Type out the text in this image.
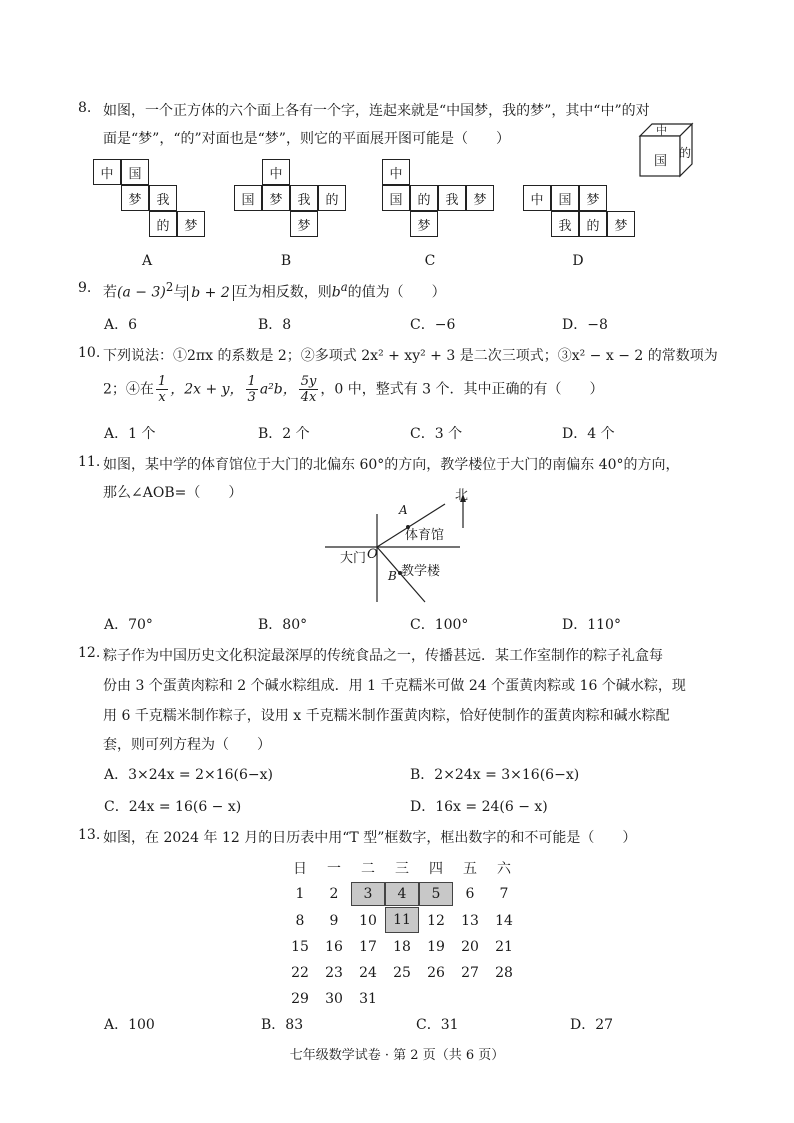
8. 如图，一个正方体的六个面上各有一个字，连起来就是“中国梦，我的梦”，其中“中”的对
面是“梦”，“的”对面也是“梦”，则它的平面展开图可能是（　　）
中
国
的
中	国
梦	我
的	梦
A
中
国	梦	我	的
梦
B
中
国	的	我	梦
梦
C
中	国	梦
我	的	梦
D
9. 若$(a - 3)^2$与 b + 2 互为相反数，则$b^a$的值为（　　）
A．6	B．8	C．−6	D．−8
10. 下列说法：①2πx 的系数是 2；②多项式 2x² + xy² + 3 是二次三项式；③x² − x − 2 的常数项为
2；④在 $\frac{1}{x}$ ，2x + y， $\frac{1}{3} a^2b$， $\frac{5y}{4x}$ ，0 中，整式有 3 个．其中正确的有（　　）
A．1 个	B．2 个	C．3 个	D．4 个
11. 如图，某中学的体育馆位于大门的北偏东 60°的方向，教学楼位于大门的南偏东 40°的方向，
那么∠AOB=（　　）	北
A
体育馆
大门 O
B 教学楼
A．70°	B．80°	C．100°	D．110°
12. 粽子作为中国历史文化积淀最深厚的传统食品之一，传播甚远．某工作室制作的粽子礼盒每
份由 3 个蛋黄肉粽和 2 个碱水粽组成．用 1 千克糯米可做 24 个蛋黄肉粽或 16 个碱水粽，现
用 6 千克糯米制作粽子，设用 x 千克糯米制作蛋黄肉粽，恰好使制作的蛋黄肉粽和碱水粽配
套，则可列方程为（　　）
A．3×24x = 2×16(6−x)	B．2×24x = 3×16(6−x)
C．24x = 16(6 − x)	D．16x = 24(6 − x)
13. 如图，在 2024 年 12 月的日历表中用“T 型”框数字，框出数字的和不可能是（　　）
日	一	二	三	四	五	六
1	2	3	4	5	6	7
8	9	10	11	12	13	14
15	16	17	18	19	20	21
22	23	24	25	26	27	28
29	30	31
A．100	B．83	C．31	D．27
七年级数学试卷 · 第 2 页（共 6 页）
